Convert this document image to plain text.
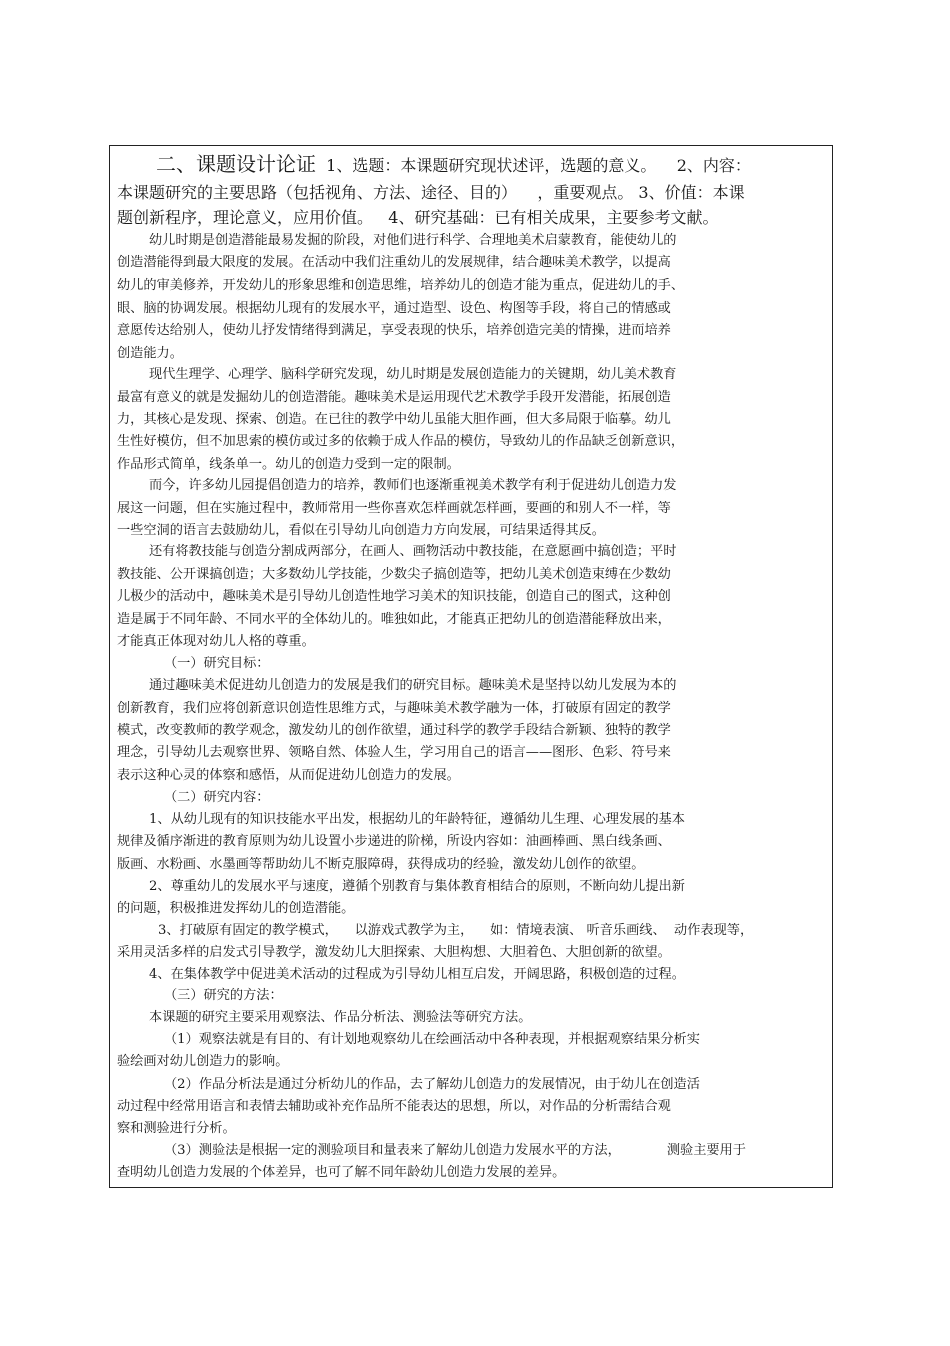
二、课题设计论证  1、选题：本课题研究现状述评，选题的意义。    2、内容：
本课题研究的主要思路（包括视角、方法、途径、目的）    ，重要观点。 3、价值：本课
题创新程序，理论意义，应用价值。   4、研究基础：已有相关成果，主要参考文献。
幼儿时期是创造潜能最易发掘的阶段，对他们进行科学、合理地美术启蒙教育，能使幼儿的
创造潜能得到最大限度的发展。在活动中我们注重幼儿的发展规律，结合趣味美术教学，以提高
幼儿的审美修养，开发幼儿的形象思维和创造思维，培养幼儿的创造才能为重点，促进幼儿的手、
眼、脑的协调发展。根据幼儿现有的发展水平，通过造型、设色、构图等手段，将自己的情感或
意愿传达给别人，使幼儿抒发情绪得到满足，享受表现的快乐，培养创造完美的情操，进而培养
创造能力。
现代生理学、心理学、脑科学研究发现，幼儿时期是发展创造能力的关键期，幼儿美术教育
最富有意义的就是发掘幼儿的创造潜能。趣味美术是运用现代艺术教学手段开发潜能，拓展创造
力，其核心是发现、探索、创造。在已往的教学中幼儿虽能大胆作画，但大多局限于临摹。幼儿
生性好模仿，但不加思索的模仿或过多的依赖于成人作品的模仿，导致幼儿的作品缺乏创新意识，
作品形式简单，线条单一。幼儿的创造力受到一定的限制。
而今，许多幼儿园提倡创造力的培养，教师们也逐渐重视美术教学有利于促进幼儿创造力发
展这一问题，但在实施过程中，教师常用一些你喜欢怎样画就怎样画，要画的和别人不一样，等
一些空洞的语言去鼓励幼儿，看似在引导幼儿向创造力方向发展，可结果适得其反。
还有将教技能与创造分割成两部分，在画人、画物活动中教技能，在意愿画中搞创造；平时
教技能、公开课搞创造；大多数幼儿学技能，少数尖子搞创造等，把幼儿美术创造束缚在少数幼
儿极少的活动中，趣味美术是引导幼儿创造性地学习美术的知识技能，创造自己的图式，这种创
造是属于不同年龄、不同水平的全体幼儿的。唯独如此，才能真正把幼儿的创造潜能释放出来，
才能真正体现对幼儿人格的尊重。
（一）研究目标：
通过趣味美术促进幼儿创造力的发展是我们的研究目标。趣味美术是坚持以幼儿发展为本的
创新教育，我们应将创新意识创造性思维方式，与趣味美术教学融为一体，打破原有固定的教学
模式，改变教师的教学观念，激发幼儿的创作欲望，通过科学的教学手段结合新颖、独特的教学
理念，引导幼儿去观察世界、领略自然、体验人生，学习用自己的语言——图形、色彩、符号来
表示这种心灵的体察和感悟，从而促进幼儿创造力的发展。
（二）研究内容：
1、从幼儿现有的知识技能水平出发，根据幼儿的年龄特征，遵循幼儿生理、心理发展的基本
规律及循序渐进的教育原则为幼儿设置小步递进的阶梯，所设内容如：油画棒画、黑白线条画、
版画、水粉画、水墨画等帮助幼儿不断克服障碍，获得成功的经验，激发幼儿创作的欲望。
2、尊重幼儿的发展水平与速度，遵循个别教育与集体教育相结合的原则，不断向幼儿提出新
的问题，积极推进发挥幼儿的创造潜能。
3、打破原有固定的教学模式，    以游戏式教学为主，    如：情境表演、 听音乐画线、  动作表现等，
采用灵活多样的启发式引导教学，激发幼儿大胆探索、大胆构想、大胆着色、大胆创新的欲望。
4、在集体教学中促进美术活动的过程成为引导幼儿相互启发，开阔思路，积极创造的过程。
（三）研究的方法：
本课题的研究主要采用观察法、作品分析法、测验法等研究方法。
（1）观察法就是有目的、有计划地观察幼儿在绘画活动中各种表现，并根据观察结果分析实
验绘画对幼儿创造力的影响。
（2）作品分析法是通过分析幼儿的作品，去了解幼儿创造力的发展情况，由于幼儿在创造活
动过程中经常用语言和表情去辅助或补充作品所不能表达的思想，所以，对作品的分析需结合观
察和测验进行分析。
（3）测验法是根据一定的测验项目和量表来了解幼儿创造力发展水平的方法，           测验主要用于
查明幼儿创造力发展的个体差异，也可了解不同年龄幼儿创造力发展的差异。
